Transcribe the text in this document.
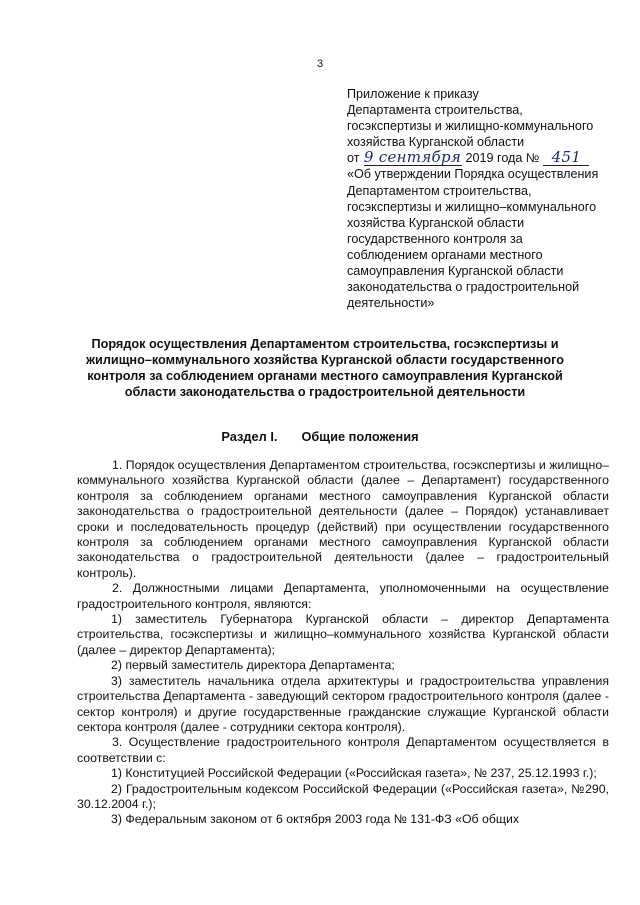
3
Приложение к приказу
Департамента строительства,
госэкспертизы и жилищно-коммунального
хозяйства Курганской области
от 9 сентября 2019 года № 451
«Об утверждении Порядка осуществления
Департаментом строительства,
госэкспертизы и жилищно–коммунального
хозяйства Курганской области
государственного контроля за
соблюдением органами местного
самоуправления Курганской области
законодательства о градостроительной
деятельности»
Порядок осуществления Департаментом строительства, госэкспертизы и жилищно–коммунального хозяйства Курганской области государственного контроля за соблюдением органами местного самоуправления Курганской области законодательства о градостроительной деятельности
Раздел I. Общие положения

1. Порядок осуществления Департаментом строительства, госэкспертизы и жилищно–коммунального хозяйства Курганской области (далее – Департамент) государственного контроля за соблюдением органами местного самоуправления Курганской области законодательства о градостроительной деятельности (далее – Порядок) устанавливает сроки и последовательность процедур (действий) при осуществлении государственного контроля за соблюдением органами местного самоуправления Курганской области законодательства о градостроительной деятельности (далее – градостроительный контроль).

2. Должностными лицами Департамента, уполномоченными на осуществление градостроительного контроля, являются:

1) заместитель Губернатора Курганской области – директор Департамента строительства, госэкспертизы и жилищно–коммунального хозяйства Курганской области (далее – директор Департамента);

2) первый заместитель директора Департамента;

3) заместитель начальника отдела архитектуры и градостроительства управления строительства Департамента - заведующий сектором градостроительного контроля (далее - сектор контроля) и другие государственные гражданские служащие Курганской области сектора контроля (далее - сотрудники сектора контроля).

3. Осуществление градостроительного контроля Департаментом осуществляется в соответствии с:

1) Конституцией Российской Федерации («Российская газета», № 237, 25.12.1993 г.);

2) Градостроительным кодексом Российской Федерации («Российская газета», №290, 30.12.2004 г.);

3) Федеральным законом от 6 октября 2003 года № 131-ФЗ «Об общих
